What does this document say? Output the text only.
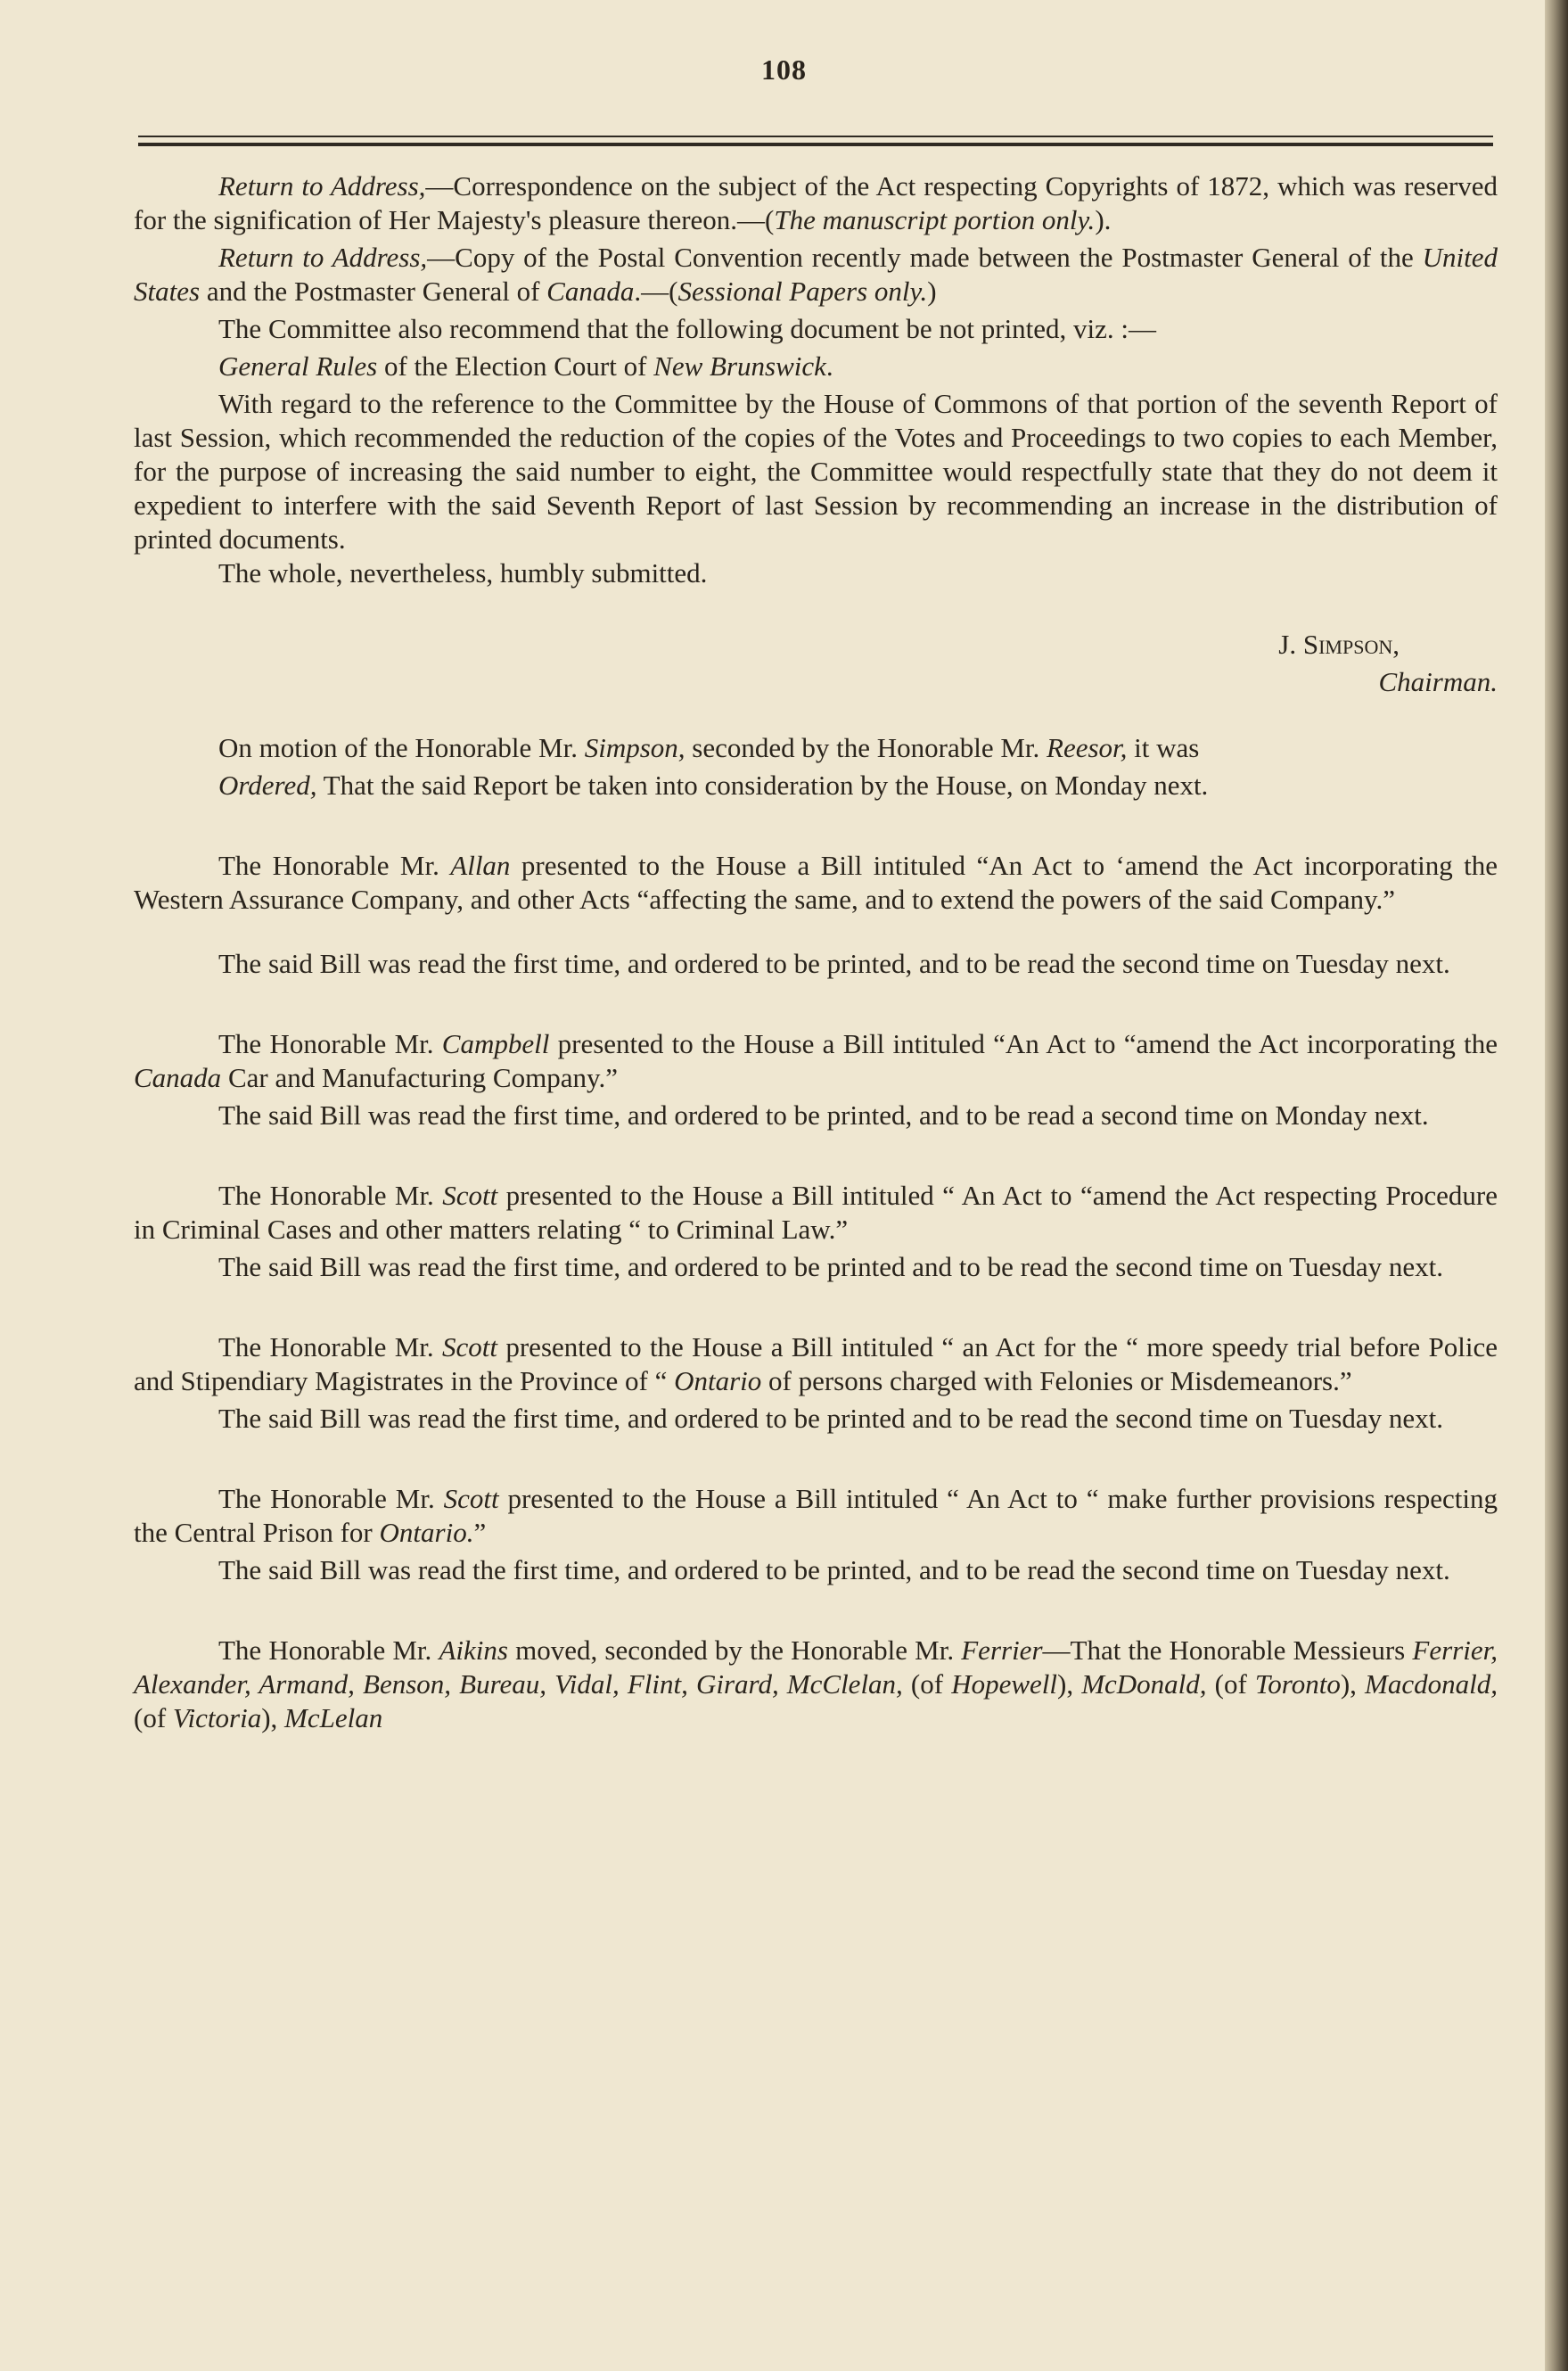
108

Return to Address,—Correspondence on the subject of the Act respecting Copyrights of 1872, which was reserved for the signification of Her Majesty's pleasure thereon.—(The manuscript portion only.).

Return to Address,—Copy of the Postal Convention recently made between the Postmaster General of the United States and the Postmaster General of Canada.—(Sessional Papers only.)

The Committee also recommend that the following document be not printed, viz. :—

General Rules of the Election Court of New Brunswick.

With regard to the reference to the Committee by the House of Commons of that portion of the seventh Report of last Session, which recommended the reduction of the copies of the Votes and Proceedings to two copies to each Member, for the purpose of increasing the said number to eight, the Committee would respectfully state that they do not deem it expedient to interfere with the said Seventh Report of last Session by recommending an increase in the distribution of printed documents.

The whole, nevertheless, humbly submitted.

J. Simpson,
Chairman.

On motion of the Honorable Mr. Simpson, seconded by the Honorable Mr. Reesor, it was

Ordered, That the said Report be taken into consideration by the House, on Monday next.

The Honorable Mr. Allan presented to the House a Bill intituled “An Act to ‘amend the Act incorporating the Western Assurance Company, and other Acts “affecting the same, and to extend the powers of the said Company.”

The said Bill was read the first time, and ordered to be printed, and to be read the second time on Tuesday next.

The Honorable Mr. Campbell presented to the House a Bill intituled “An Act to “amend the Act incorporating the Canada Car and Manufacturing Company.”

The said Bill was read the first time, and ordered to be printed, and to be read a second time on Monday next.

The Honorable Mr. Scott presented to the House a Bill intituled “ An Act to “amend the Act respecting Procedure in Criminal Cases and other matters relating “ to Criminal Law.”

The said Bill was read the first time, and ordered to be printed and to be read the second time on Tuesday next.

The Honorable Mr. Scott presented to the House a Bill intituled “ an Act for the “ more speedy trial before Police and Stipendiary Magistrates in the Province of “ Ontario of persons charged with Felonies or Misdemeanors.”

The said Bill was read the first time, and ordered to be printed and to be read the second time on Tuesday next.

The Honorable Mr. Scott presented to the House a Bill intituled “ An Act to “ make further provisions respecting the Central Prison for Ontario.”

The said Bill was read the first time, and ordered to be printed, and to be read the second time on Tuesday next.

The Honorable Mr. Aikins moved, seconded by the Honorable Mr. Ferrier—That the Honorable Messieurs Ferrier, Alexander, Armand, Benson, Bureau, Vidal, Flint, Girard, McClelan, (of Hopewell), McDonald, (of Toronto), Macdonald, (of Victoria), McLelan
